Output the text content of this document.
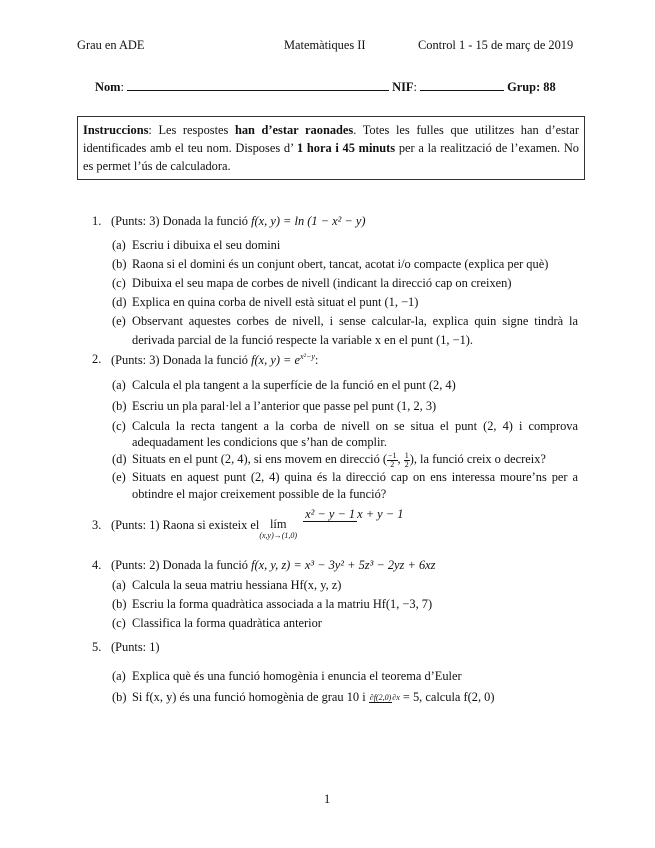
Grau en ADE	Matemàtiques II	Control 1 - 15 de març de 2019
Nom:	NIF:	Grup: 88
Instruccions: Les respostes han d’estar raonades. Totes les fulles que utilitzes han d’estar identificades amb el teu nom. Disposes d’ 1 hora i 45 minuts per a la realització de l’examen. No es permet l’ús de calculadora.
1. (Punts: 3) Donada la funció f(x, y) = ln (1 − x² − y)
(a) Escriu i dibuixa el seu domini
(b) Raona si el domini és un conjunt obert, tancat, acotat i/o compacte (explica per què)
(c) Dibuixa el seu mapa de corbes de nivell (indicant la direcció cap on creixen)
(d) Explica en quina corba de nivell està situat el punt (1, −1)
(e) Observant aquestes corbes de nivell, i sense calcular-la, explica quin signe tindrà la derivada parcial de la funció respecte la variable x en el punt (1, −1).
2. (Punts: 3) Donada la funció f(x, $y) = e^{x^2-y}$:
(a) Calcula el pla tangent a la superfície de la funció en el punt (2, 4)
(b) Escriu un pla paral·lel a l’anterior que passe pel punt (1, 2, 3)
(c) Calcula la recta tangent a la corba de nivell on se situa el punt (2, 4) i comprova adequadament les condicions que s’han de complir.
(d) Situats en el punt (2, 4), si ens movem en direcció ( $\frac{-1}{2}$ , $\frac{1}{2}$ ), la funció creix o decreix?
(e) Situats en aquest punt (2, 4) quina és la direcció cap on ens interessa moure’ns per a obtindre el major creixement possible de la funció?
3. (Punts: 1) Raona si existeix ellím
(x,y)→(1,0)
x² − y − 1 x + y − 1
4. (Punts: 2) Donada la funció f(x, y, z) = x³ − 3y² + 5z³ − 2yz + 6xz
(a) Calcula la seua matriu hessiana Hf(x, y, z)
(b) Escriu la forma quadràtica associada a la matriu Hf(1, −3, 7)
(c) Classifica la forma quadràtica anterior
5. (Punts: 1)
(a) Explica què és una funció homogènia i enuncia el teorema d’Euler
(b) Si f(x, y) és una funció homogènia de grau 10 i ∂f(2,0)∂x = 5, calcula f(2, 0)
1
